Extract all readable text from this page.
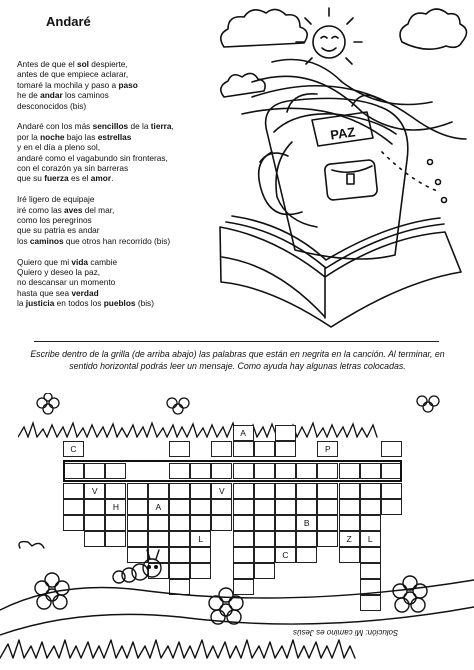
Andaré
Antes de que el sol despierte,
antes de que empiece aclarar,
tomaré la mochila y paso a paso
he de andar los caminos
desconocidos (bis)
Andaré con los más sencillos de la tierra,
por la noche bajo las estrellas
y en el día a pleno sol,
andaré como el vagabundo sin fronteras,
con el corazón ya sin barreras
que su fuerza es el amor.
Iré ligero de equipaje
iré como las aves del mar,
como los peregrinos
que su patria es andar
los caminos que otros han recorrido (bis)
Quiero que mi vida cambie
Quiero y deseo la paz,
no descansar un momento
hasta que sea verdad
la justicia en todos los pueblos (bis)
PAZ
Escribe dentro de la grilla (de arriba abajo) las palabras que están en negrita en la canción. Al terminar, en sentido horizontal podrás leer un mensaje. Como ayuda hay algunas letras colocadas.
C
V
A
V
A
B
P
Z
H
L
C
L
Solución: Mi camino es Jesús
